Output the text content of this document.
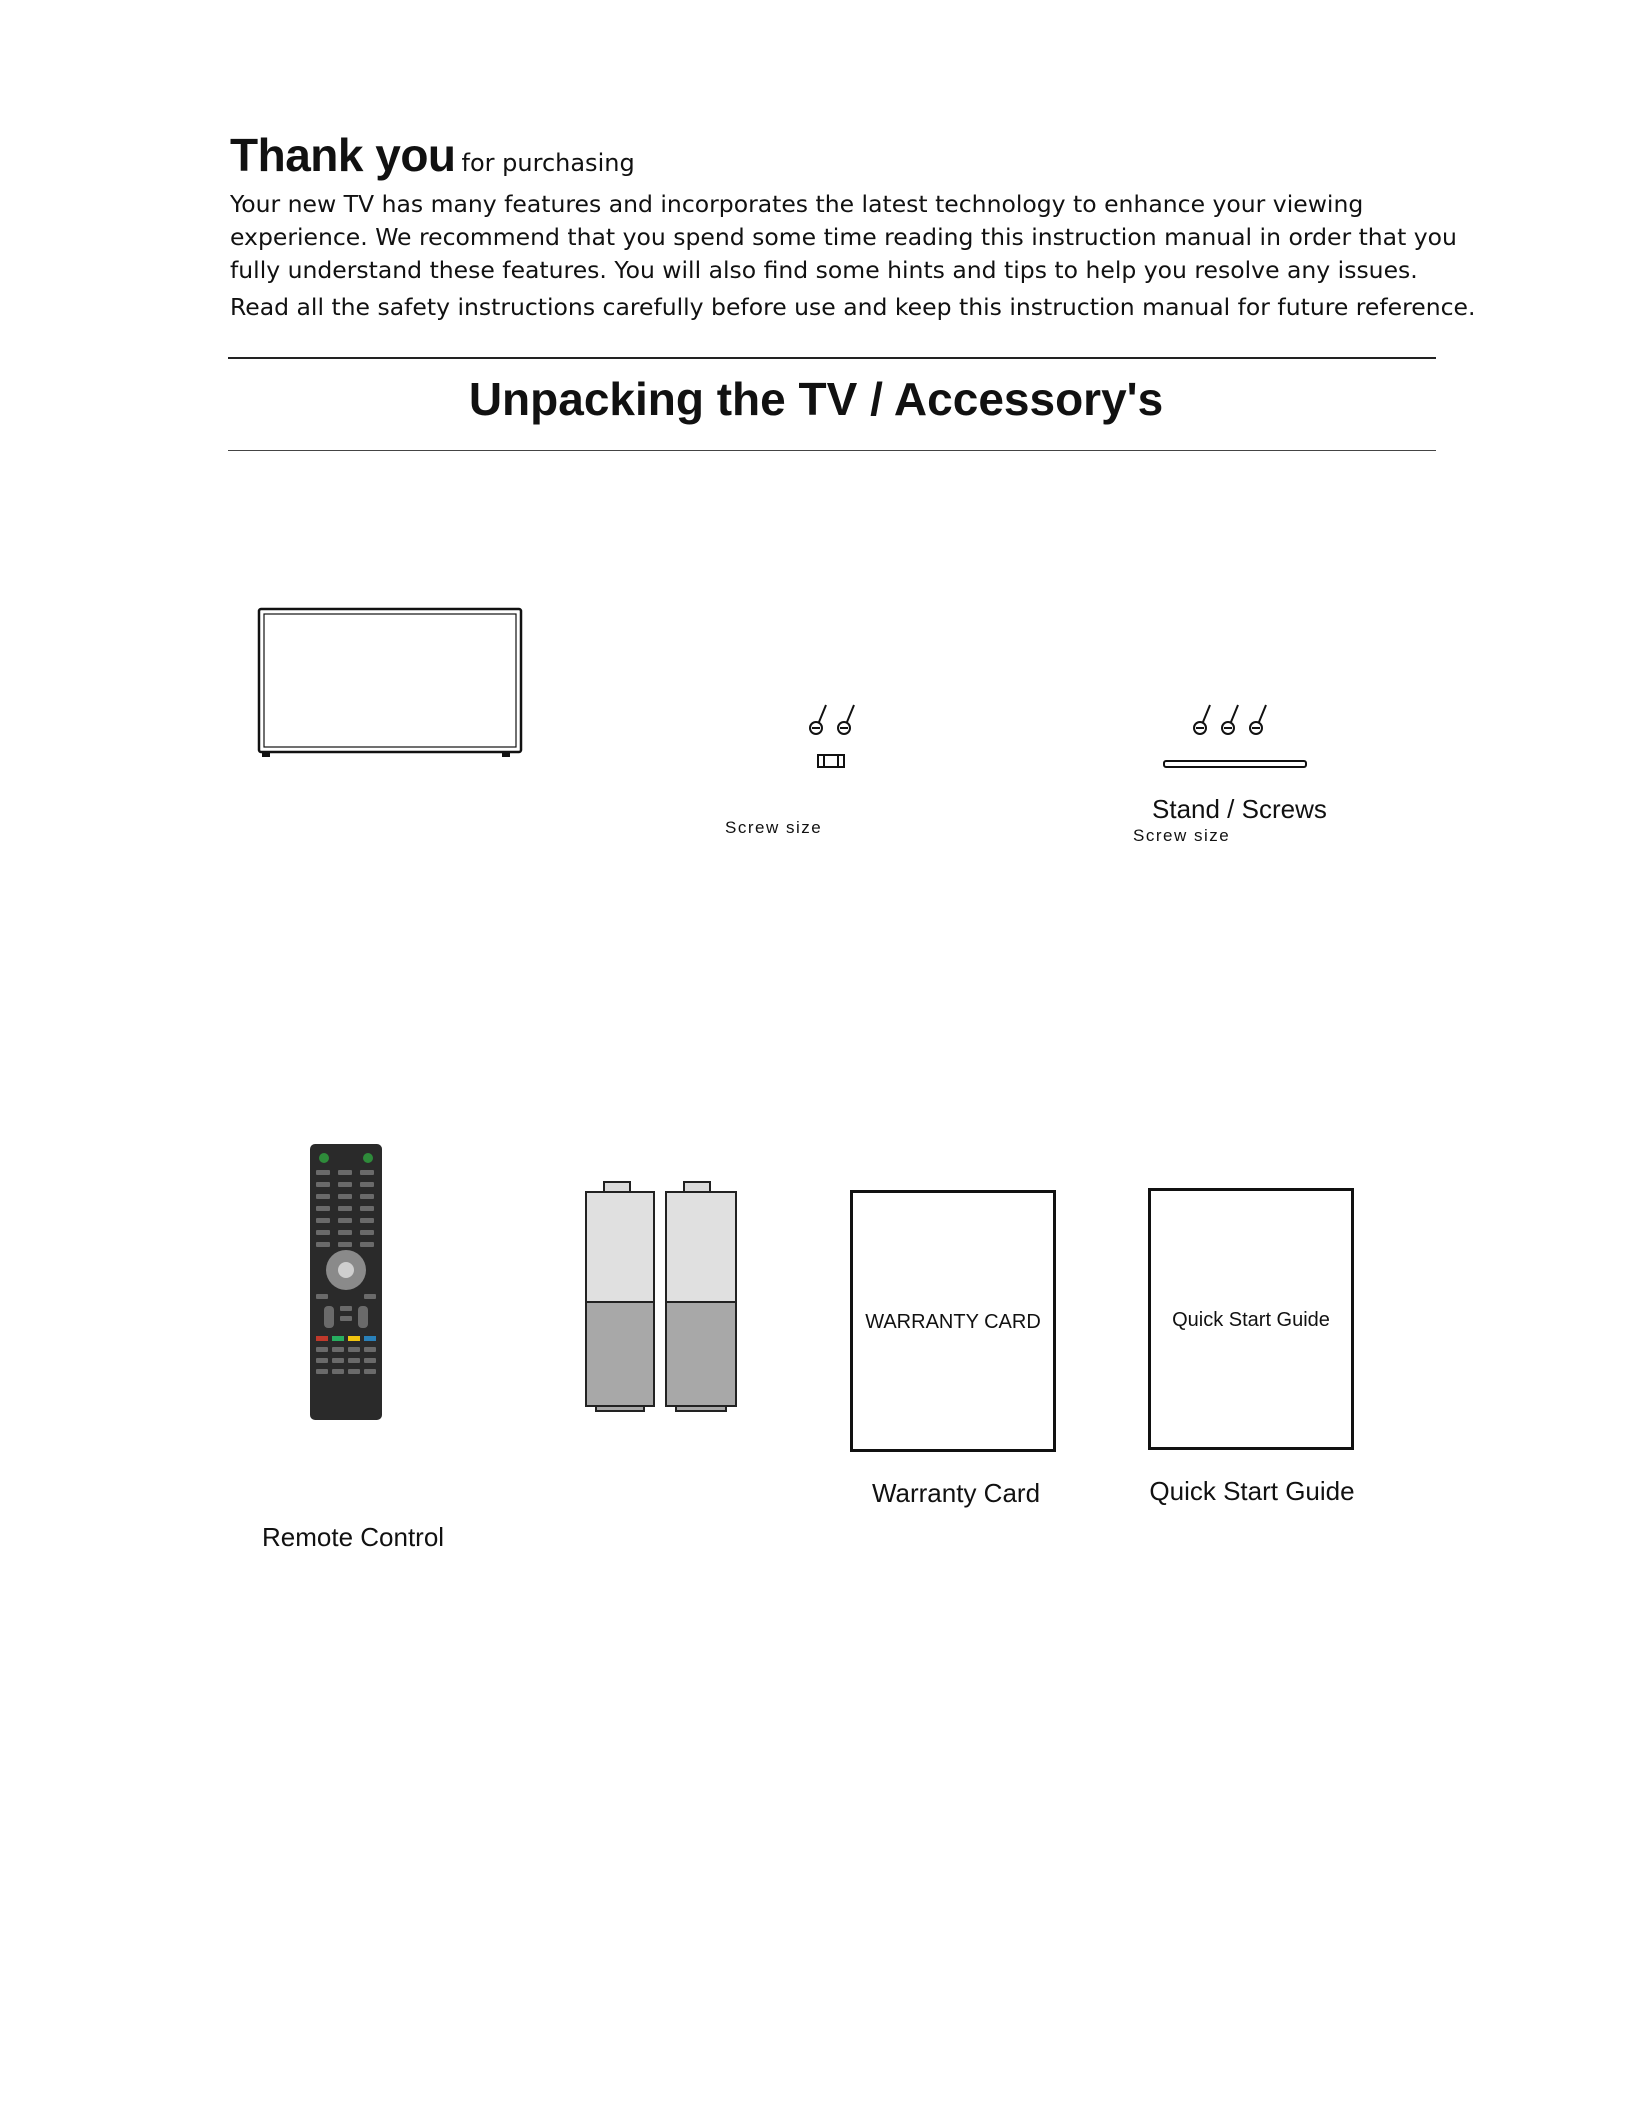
Thank you for purchasing

Your new TV has many features and incorporates the latest technology to enhance your viewing

experience. We recommend that you spend some time reading this instruction manual in order that you

fully understand these features. You will also find some hints and tips to help you resolve any issues.

Read all the safety instructions carefully before use and keep this instruction manual for future reference.

Unpacking the TV / Accessory's
Screw size
Stand / Screws
Screw size
Remote Control
WARRANTY CARD
Warranty Card
Quick Start Guide
Quick Start Guide
